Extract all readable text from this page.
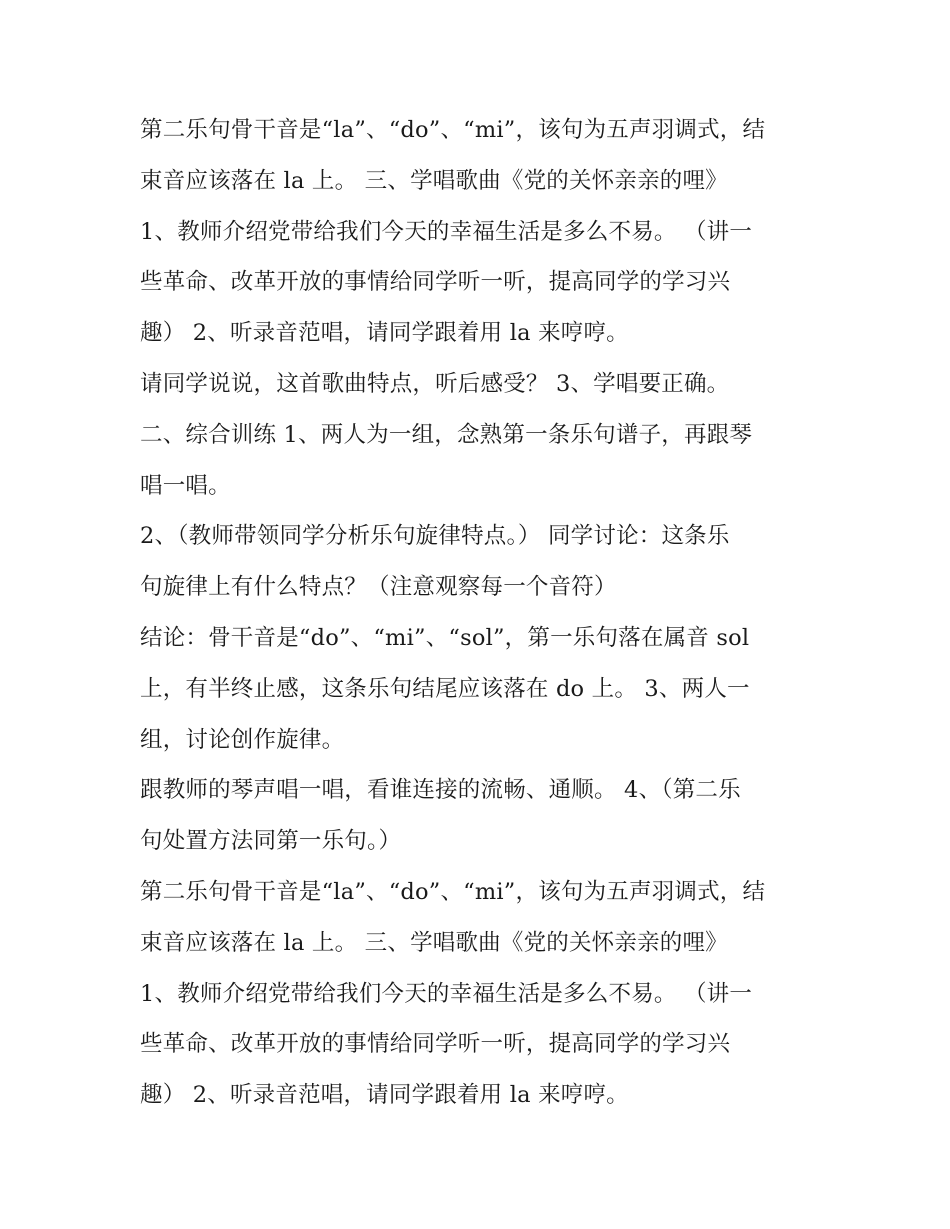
第二乐句骨干音是“la”、“do”、“mi”，该句为五声羽调式，结
束音应该落在 la 上。 三、学唱歌曲《党的关怀亲亲的哩》
1、教师介绍党带给我们今天的幸福生活是多么不易。 （讲一
些革命、改革开放的事情给同学听一听，提高同学的学习兴
趣） 2、听录音范唱，请同学跟着用 la 来哼哼。
请同学说说，这首歌曲特点，听后感受？ 3、学唱要正确。
二、综合训练 1、两人为一组，念熟第一条乐句谱子，再跟琴
唱一唱。
2、（教师带领同学分析乐句旋律特点。） 同学讨论：这条乐
句旋律上有什么特点？（注意观察每一个音符）
结论：骨干音是“do”、“mi”、“sol”，第一乐句落在属音 sol
上，有半终止感，这条乐句结尾应该落在 do 上。 3、两人一
组，讨论创作旋律。
跟教师的琴声唱一唱，看谁连接的流畅、通顺。 4、（第二乐
句处置方法同第一乐句。）
第二乐句骨干音是“la”、“do”、“mi”，该句为五声羽调式，结
束音应该落在 la 上。 三、学唱歌曲《党的关怀亲亲的哩》
1、教师介绍党带给我们今天的幸福生活是多么不易。 （讲一
些革命、改革开放的事情给同学听一听，提高同学的学习兴
趣） 2、听录音范唱，请同学跟着用 la 来哼哼。
